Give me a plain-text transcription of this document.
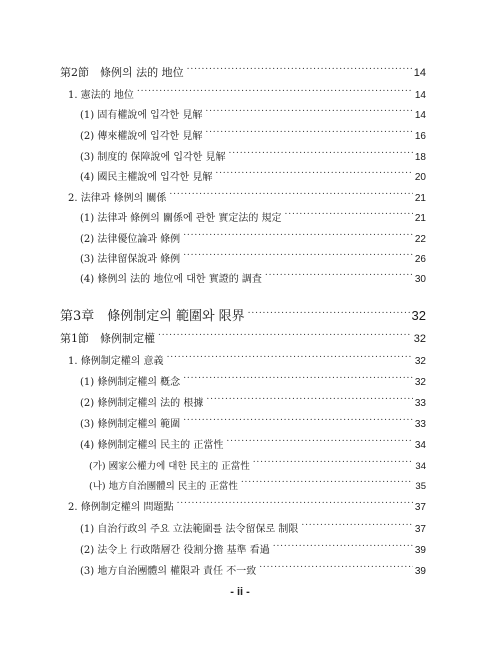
第2節　條例의 法的 地位 . . .	14
1. 憲法的 地位 . . .	14
(1) 固有權說에 입각한 見解 . . .	14
(2) 傳來權說에 입각한 見解 . . .	16
(3) 制度的 保障說에 입각한 見解 . . .	18
(4) 國民主權說에 입각한 見解 . . .	20
2. 法律과 條例의 關係 . . .	21
(1) 法律과 條例의 關係에 관한 實定法的 規定 . . .	21
(2) 法律優位論과 條例 . . .	22
(3) 法律留保說과 條例 . . .	26
(4) 條例의 法的 地位에 대한 實證的 調査 . . .	30
第3章　條例制定의 範圍와 限界 . . .	32
第1節　條例制定權 . . .	32
1. 條例制定權의 意義 . . .	32
(1) 條例制定權의 槪念 . . .	32
(2) 條例制定權의 法的 根據 . . .	33
(3) 條例制定權의 範圍 . . .	33
(4) 條例制定權의 民主的 正當性 . . .	34
(가) 國家公權力에 대한 民主的 正當性 . . .	34
(나) 地方自治團體의 民主的 正當性 . . .	35
2. 條例制定權의 問題點 . . .	37
(1) 自治行政의 주요 立法範圍를 法令留保로 制限 . . .	37
(2) 法令上 行政階層간 役割分擔 基準 看過 . . .	39
(3) 地方自治團體의 權限과 責任 不一致 . . .	39
- ii -
